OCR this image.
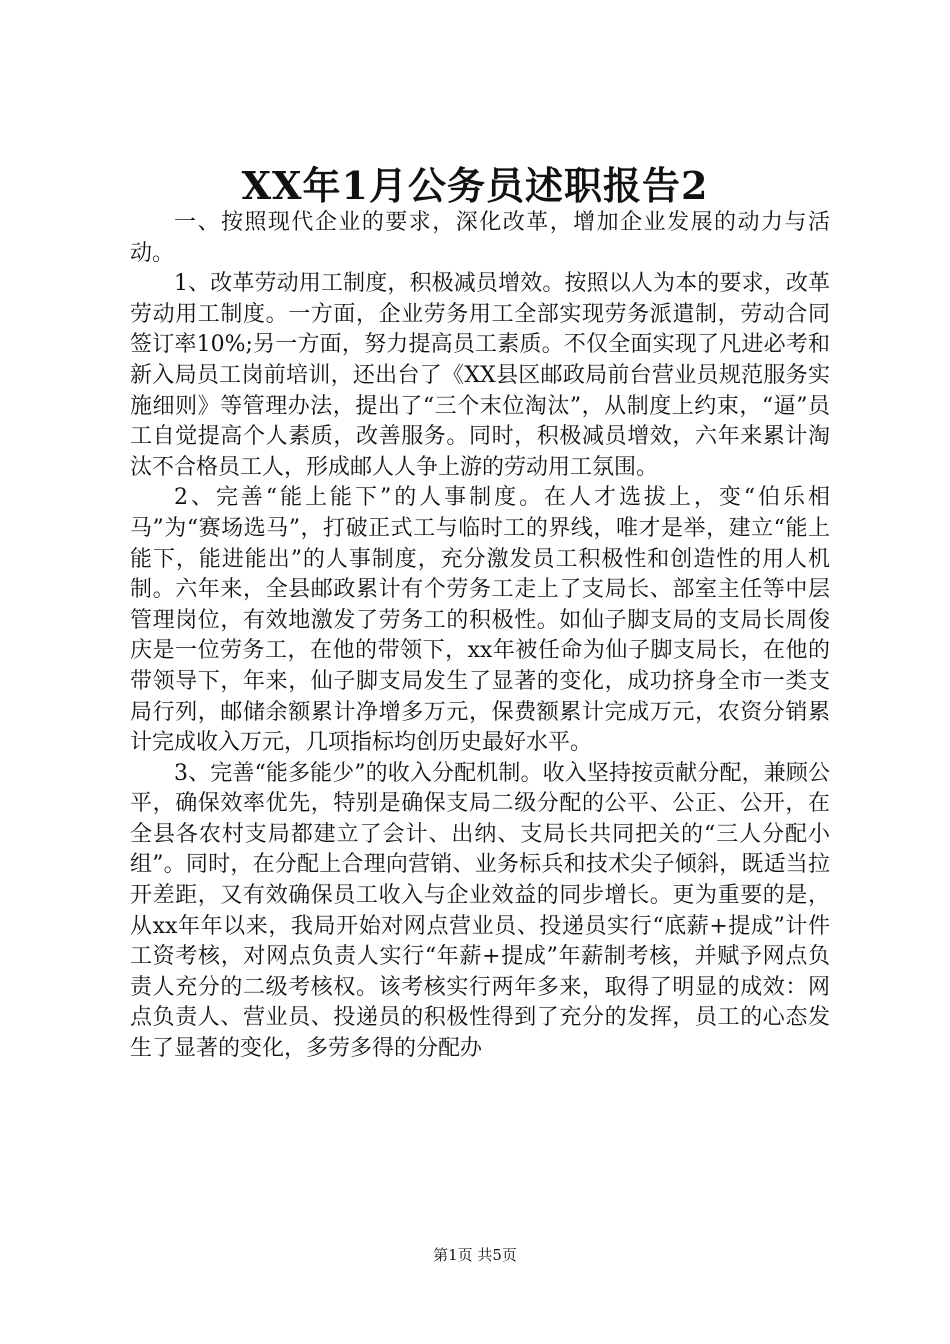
XX年1月公务员述职报告2

一、按照现代企业的要求，深化改革，增加企业发展的动力与活动。

1、改革劳动用工制度，积极减员增效。按照以人为本的要求，改革劳动用工制度。一方面，企业劳务用工全部实现劳务派遣制，劳动合同签订率10%;另一方面，努力提高员工素质。不仅全面实现了凡进必考和新入局员工岗前培训，还出台了《XX县区邮政局前台营业员规范服务实施细则》等管理办法，提出了“三个末位淘汰”，从制度上约束，“逼”员工自觉提高个人素质，改善服务。同时，积极减员增效，六年来累计淘汰不合格员工人，形成邮人人争上游的劳动用工氛围。

2、完善“能上能下”的人事制度。在人才选拔上，变“伯乐相马”为“赛场选马”，打破正式工与临时工的界线，唯才是举，建立“能上能下，能进能出”的人事制度，充分激发员工积极性和创造性的用人机制。六年来，全县邮政累计有个劳务工走上了支局长、部室主任等中层管理岗位，有效地激发了劳务工的积极性。如仙子脚支局的支局长周俊庆是一位劳务工，在他的带领下，xx年被任命为仙子脚支局长，在他的带领导下，年来，仙子脚支局发生了显著的变化，成功挤身全市一类支局行列，邮储余额累计净增多万元，保费额累计完成万元，农资分销累计完成收入万元，几项指标均创历史最好水平。

3、完善“能多能少”的收入分配机制。收入坚持按贡献分配，兼顾公平，确保效率优先，特别是确保支局二级分配的公平、公正、公开，在全县各农村支局都建立了会计、出纳、支局长共同把关的“三人分配小组”。同时，在分配上合理向营销、业务标兵和技术尖子倾斜，既适当拉开差距，又有效确保员工收入与企业效益的同步增长。更为重要的是，从xx年年以来，我局开始对网点营业员、投递员实行“底薪+提成”计件工资考核，对网点负责人实行“年薪+提成”年薪制考核，并赋予网点负责人充分的二级考核权。该考核实行两年多来，取得了明显的成效：网点负责人、营业员、投递员的积极性得到了充分的发挥，员工的心态发生了显著的变化，多劳多得的分配办

第1页 共5页
